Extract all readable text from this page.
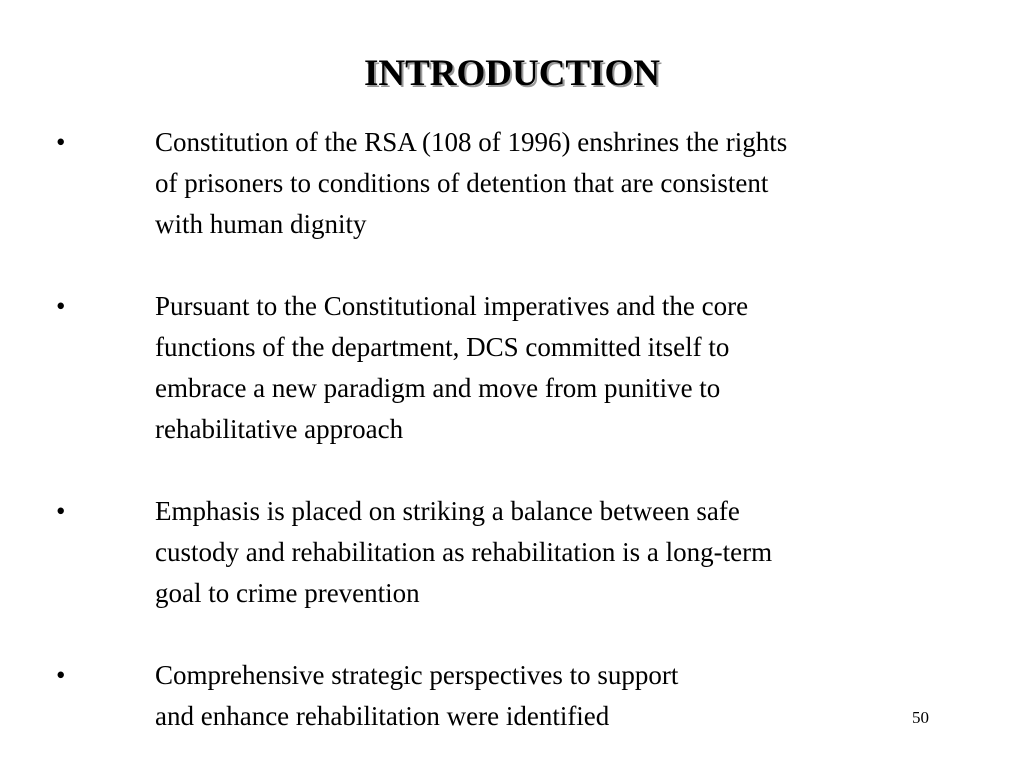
INTRODUCTION
•	Constitution of the RSA (108 of 1996) enshrines the rights
of prisoners to conditions of detention that are consistent
with human dignity
•	Pursuant to the Constitutional imperatives and the core
functions of the department, DCS committed itself to
embrace a new paradigm and move from punitive to
rehabilitative approach
•	Emphasis is placed on striking a balance between safe
custody and rehabilitation as rehabilitation is a long-term
goal to crime prevention
•	Comprehensive strategic perspectives to support
and enhance rehabilitation were identified	50
